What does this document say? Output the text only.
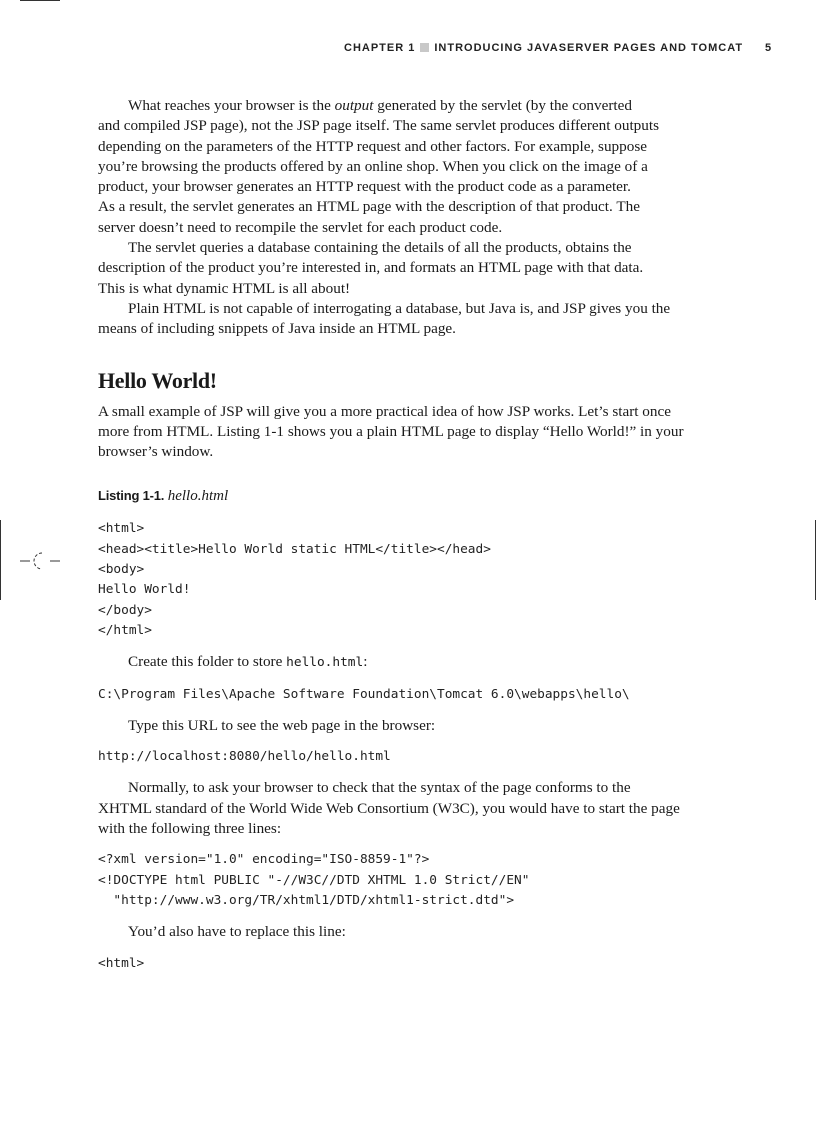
CHAPTER 1 INTRODUCING JAVASERVER PAGES AND TOMCAT 5

What reaches your browser is the output generated by the servlet (by the converted
and compiled JSP page), not the JSP page itself. The same servlet produces different outputs
depending on the parameters of the HTTP request and other factors. For example, suppose
you’re browsing the products offered by an online shop. When you click on the image of a
product, your browser generates an HTTP request with the product code as a parameter.
As a result, the servlet generates an HTML page with the description of that product. The
server doesn’t need to recompile the servlet for each product code.

The servlet queries a database containing the details of all the products, obtains the
description of the product you’re interested in, and formats an HTML page with that data.
This is what dynamic HTML is all about!

Plain HTML is not capable of interrogating a database, but Java is, and JSP gives you the
means of including snippets of Java inside an HTML page.

Hello World!

A small example of JSP will give you a more practical idea of how JSP works. Let’s start once
more from HTML. Listing 1-1 shows you a plain HTML page to display “Hello World!” in your
browser’s window.

Listing 1-1. hello.html
<html>
<head><title>Hello World static HTML</title></head>
<body>
Hello World!
</body>
</html>

Create this folder to store hello.html:

C:\Program Files\Apache Software Foundation\Tomcat 6.0\webapps\hello\

Type this URL to see the web page in the browser:

http://localhost:8080/hello/hello.html

Normally, to ask your browser to check that the syntax of the page conforms to the
XHTML standard of the World Wide Web Consortium (W3C), you would have to start the page
with the following three lines:

<?xml version="1.0" encoding="ISO-8859-1"?>
<!DOCTYPE html PUBLIC "-//W3C//DTD XHTML 1.0 Strict//EN"
"http://www.w3.org/TR/xhtml1/DTD/xhtml1-strict.dtd">

You’d also have to replace this line:

<html>
